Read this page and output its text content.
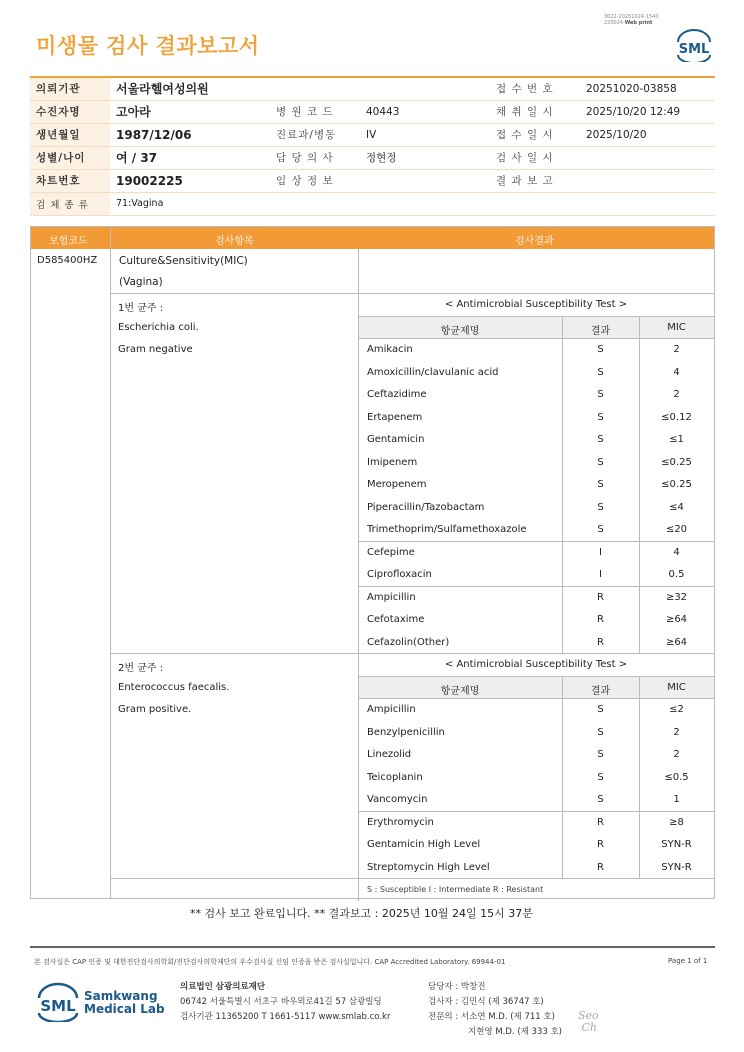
3022-20251024-1540
220024 Web print
미생물 검사 결과보고서	SML
의뢰기관	서울라헬여성의원			접 수 번 호	20251020-03858
수진자명	고아라	병 원 코 드	40443	채 취 일 시	2025/10/20 12:49
생년월일	1987/12/06	진료과/병동	IV	접 수 일 시	2025/10/20
성별/나이	여 / 37	담 당 의 사	정현정	검 사 일 시	
차트번호	19002225	임 상 정 보		결 과 보 고	
검 체 종 류	71:Vagina				
보험코드	검사항목	검사결과
D585400HZ Culture&Sensitivity(MIC)
(Vagina)
1번 균주 :
Escherichia coli.
Gram negative
< Antimicrobial Susceptibility Test >
항균제명	결과	MIC
Amikacin	S	2
Amoxicillin/clavulanic acid	S	4
Ceftazidime	S	2
Ertapenem	S	≤0.12
Gentamicin	S	≤1
Imipenem	S	≤0.25
Meropenem	S	≤0.25
Piperacillin/Tazobactam	S	≤4
Trimethoprim/Sulfamethoxazole	S	≤20
Cefepime	I	4
Ciprofloxacin	I	0.5
Ampicillin	R	≥32
Cefotaxime	R	≥64
Cefazolin(Other)	R	≥64
2번 균주 :
Enterococcus faecalis.
Gram positive.
< Antimicrobial Susceptibility Test >
항균제명	결과	MIC
Ampicillin	S	≤2
Benzylpenicillin	S	2
Linezolid	S	2
Teicoplanin	S	≤0.5
Vancomycin	S	1
Erythromycin	R	≥8
Gentamicin High Level	R	SYN-R
Streptomycin High Level	R	SYN-R
S : Susceptible I : Intermediate R : Resistant
** 검사 보고 완료입니다. ** 결과보고 : 2025년 10월 24일 15시 37분
본 검사실은 CAP 인증 및 대한진단검사의학회/진단검사의학재단의 우수검사실 신임 인증을 받은 검사실입니다. CAP Accredited Laboratory. 69944-01	Page 1 of 1
SML
Samkwang
Medical Lab
의료법인 삼광의료재단
06742 서울특별시 서초구 바우뫼로41길 57 삼광빌딩
검사기관 11365200 T 1661-5117 www.smlab.co.kr
담당자 : 박창진
검사자 : 김민식 (제 36747 호)
전문의 : 서소연 M.D. (제 711 호)
지현영 M.D. (제 333 호)
Seo
Ch
